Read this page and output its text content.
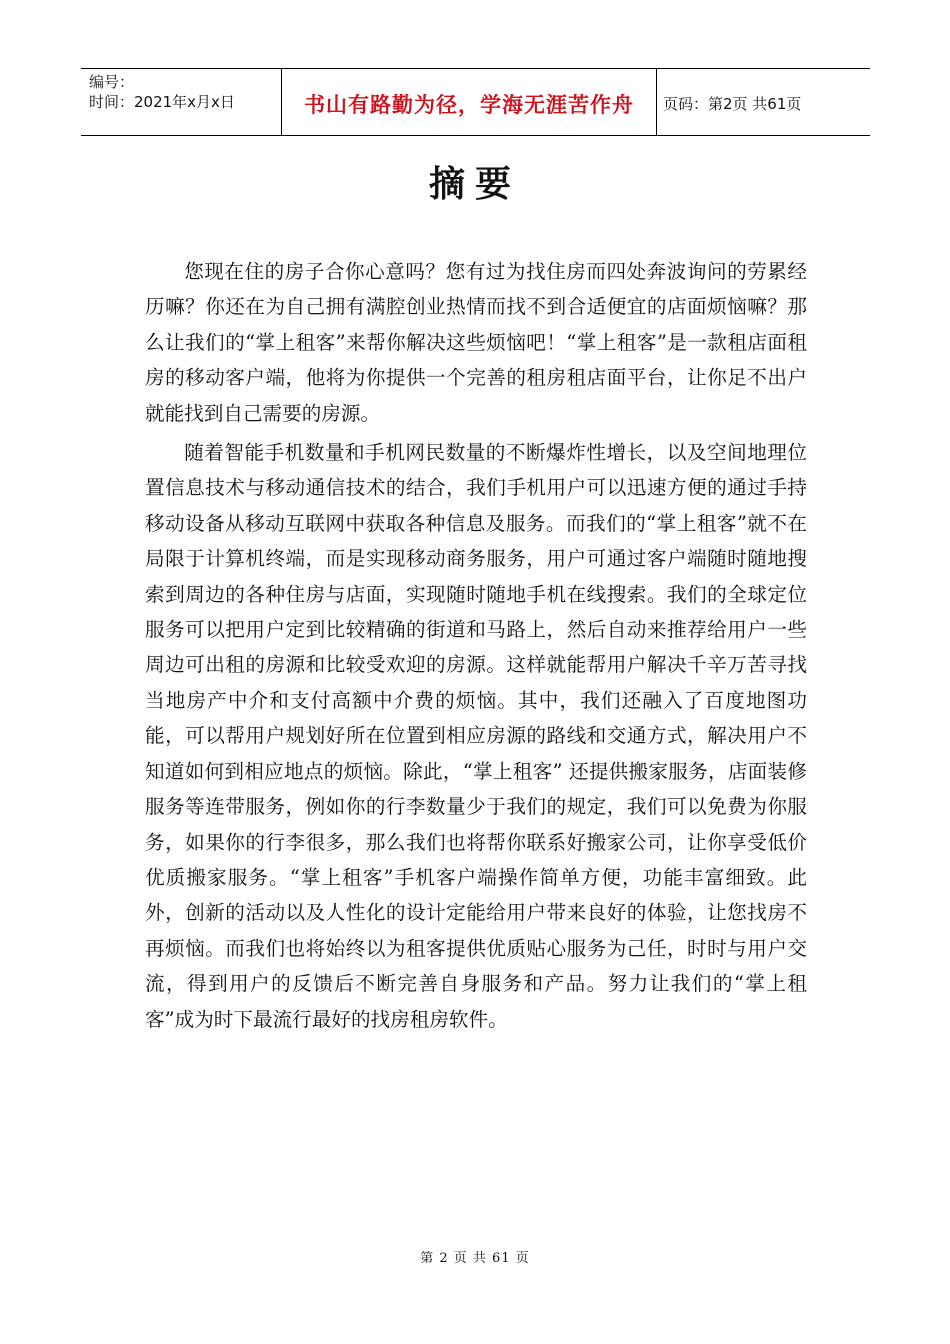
编号：
时间：2021年x月x日	书山有路勤为径，学海无涯苦作舟	页码：第2页 共61页
摘要

您现在住的房子合你心意吗？您有过为找住房而四处奔波询问的劳累经历嘛？你还在为自己拥有满腔创业热情而找不到合适便宜的店面烦恼嘛？那么让我们的“掌上租客”来帮你解决这些烦恼吧！“掌上租客”是一款租店面租房的移动客户端，他将为你提供一个完善的租房租店面平台，让你足不出户就能找到自己需要的房源。

随着智能手机数量和手机网民数量的不断爆炸性增长，以及空间地理位置信息技术与移动通信技术的结合，我们手机用户可以迅速方便的通过手持移动设备从移动互联网中获取各种信息及服务。而我们的“掌上租客”就不在局限于计算机终端，而是实现移动商务服务，用户可通过客户端随时随地搜索到周边的各种住房与店面，实现随时随地手机在线搜索。我们的全球定位服务可以把用户定到比较精确的街道和马路上，然后自动来推荐给用户一些周边可出租的房源和比较受欢迎的房源。这样就能帮用户解决千辛万苦寻找当地房产中介和支付高额中介费的烦恼。其中，我们还融入了百度地图功能，可以帮用户规划好所在位置到相应房源的路线和交通方式，解决用户不知道如何到相应地点的烦恼。除此，“掌上租客” 还提供搬家服务，店面装修服务等连带服务，例如你的行李数量少于我们的规定，我们可以免费为你服务，如果你的行李很多，那么我们也将帮你联系好搬家公司，让你享受低价优质搬家服务。“掌上租客”手机客户端操作简单方便，功能丰富细致。此外，创新的活动以及人性化的设计定能给用户带来良好的体验，让您找房不再烦恼。而我们也将始终以为租客提供优质贴心服务为己任，时时与用户交流，得到用户的反馈后不断完善自身服务和产品。努力让我们的“掌上租客”成为时下最流行最好的找房租房软件。

第 2 页 共 61 页
